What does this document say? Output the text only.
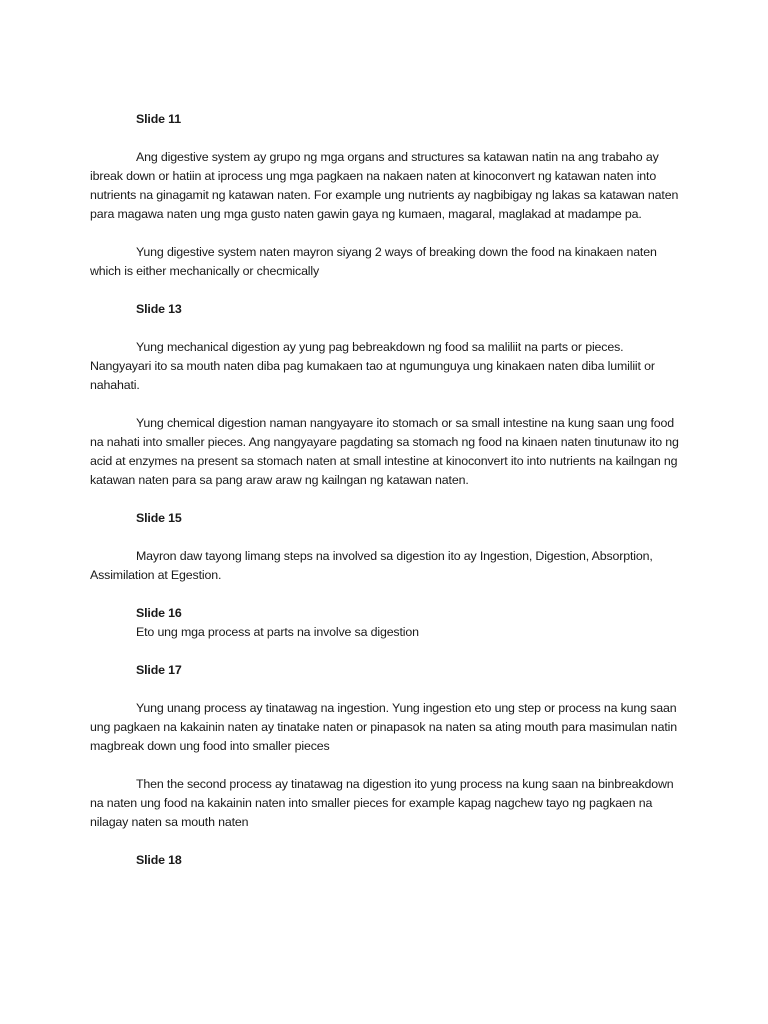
Slide 11

Ang digestive system ay grupo ng mga organs and structures sa katawan natin na ang trabaho ay ibreak down or hatiin at iprocess ung mga pagkaen na nakaen naten at kinoconvert ng katawan naten into nutrients na ginagamit ng katawan naten. For example ung nutrients ay nagbibigay ng lakas sa katawan naten para magawa naten ung mga gusto naten gawin gaya ng kumaen, magaral, maglakad at madampe pa.

Yung digestive system naten mayron siyang 2 ways of breaking down the food na kinakaen naten which is either mechanically or checmically

Slide 13

Yung mechanical digestion ay yung pag bebreakdown ng food sa maliliit na parts or pieces. Nangyayari ito sa mouth naten diba pag kumakaen tao at ngumunguya ung kinakaen naten diba lumiliit or nahahati.

Yung chemical digestion naman nangyayare ito stomach or sa small intestine na kung saan ung food na nahati into smaller pieces. Ang nangyayare pagdating sa stomach ng food na kinaen naten tinutunaw ito ng acid at enzymes na present sa stomach naten at small intestine at kinoconvert ito into nutrients na kailngan ng katawan naten para sa pang araw araw ng kailngan ng katawan naten.

Slide 15

Mayron daw tayong limang steps na involved sa digestion ito ay Ingestion, Digestion, Absorption, Assimilation at Egestion.

Slide 16

Eto ung mga process at parts na involve sa digestion

Slide 17

Yung unang process ay tinatawag na ingestion. Yung ingestion eto ung step or process na kung saan ung pagkaen na kakainin naten ay tinatake naten or pinapasok na naten sa ating mouth para masimulan natin magbreak down ung food into smaller pieces

Then the second process ay tinatawag na digestion ito yung process na kung saan na binbreakdown na naten ung food na kakainin naten into smaller pieces for example kapag nagchew tayo ng pagkaen na nilagay naten sa mouth naten

Slide 18
